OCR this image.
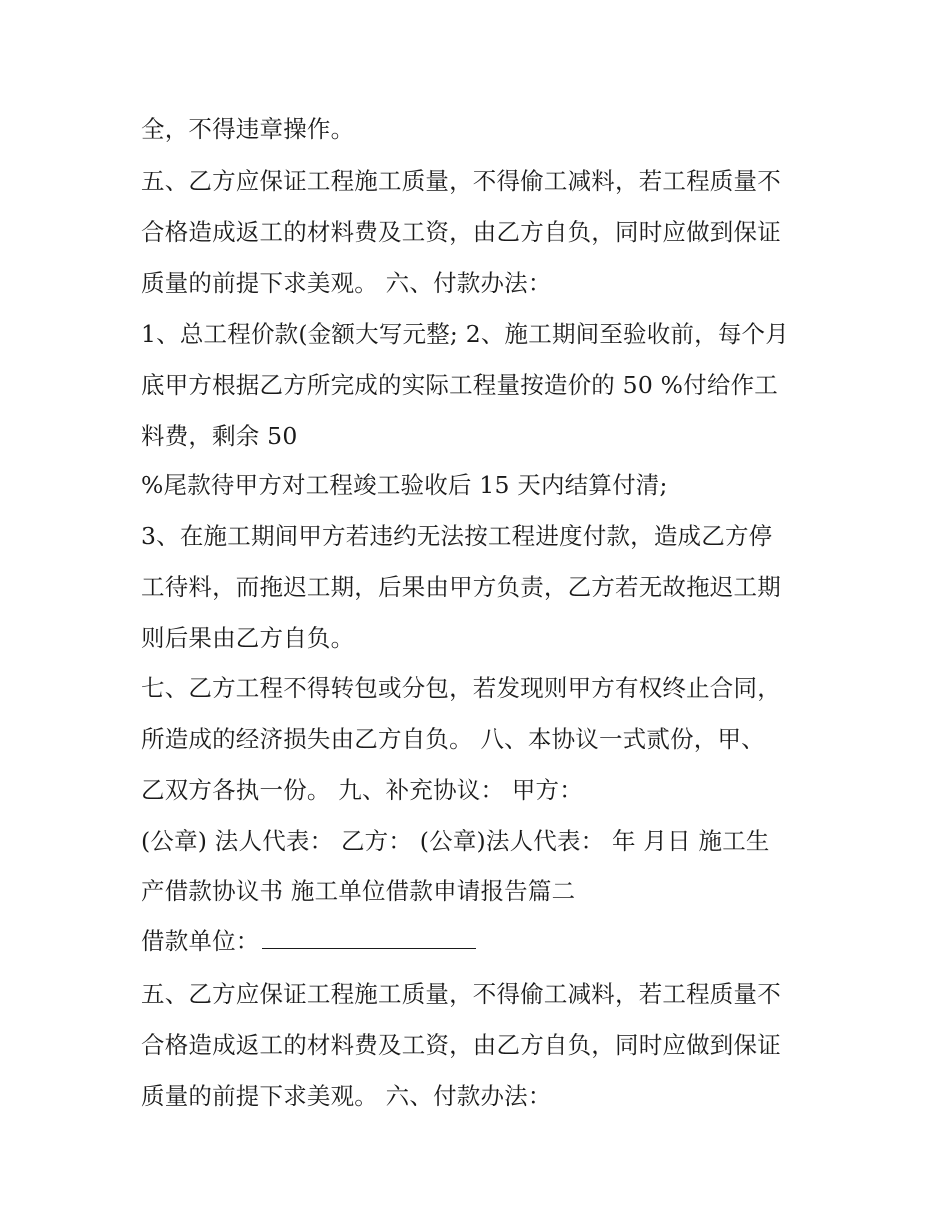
全，不得违章操作。
五、乙方应保证工程施工质量，不得偷工减料，若工程质量不
合格造成返工的材料费及工资，由乙方自负，同时应做到保证
质量的前提下求美观。 六、付款办法：
1、总工程价款(金额大写元整; 2、施工期间至验收前，每个月
底甲方根据乙方所完成的实际工程量按造价的 50 %付给作工
料费，剩余 50
%尾款待甲方对工程竣工验收后 15 天内结算付清;
3、在施工期间甲方若违约无法按工程进度付款，造成乙方停
工待料，而拖迟工期，后果由甲方负责，乙方若无故拖迟工期
则后果由乙方自负。
七、乙方工程不得转包或分包，若发现则甲方有权终止合同，
所造成的经济损失由乙方自负。 八、本协议一式贰份，甲、
乙双方各执一份。 九、补充协议： 甲方：
(公章) 法人代表： 乙方： (公章)法人代表： 年 月日 施工生
产借款协议书 施工单位借款申请报告篇二
借款单位：
五、乙方应保证工程施工质量，不得偷工减料，若工程质量不
合格造成返工的材料费及工资，由乙方自负，同时应做到保证
质量的前提下求美观。 六、付款办法：
